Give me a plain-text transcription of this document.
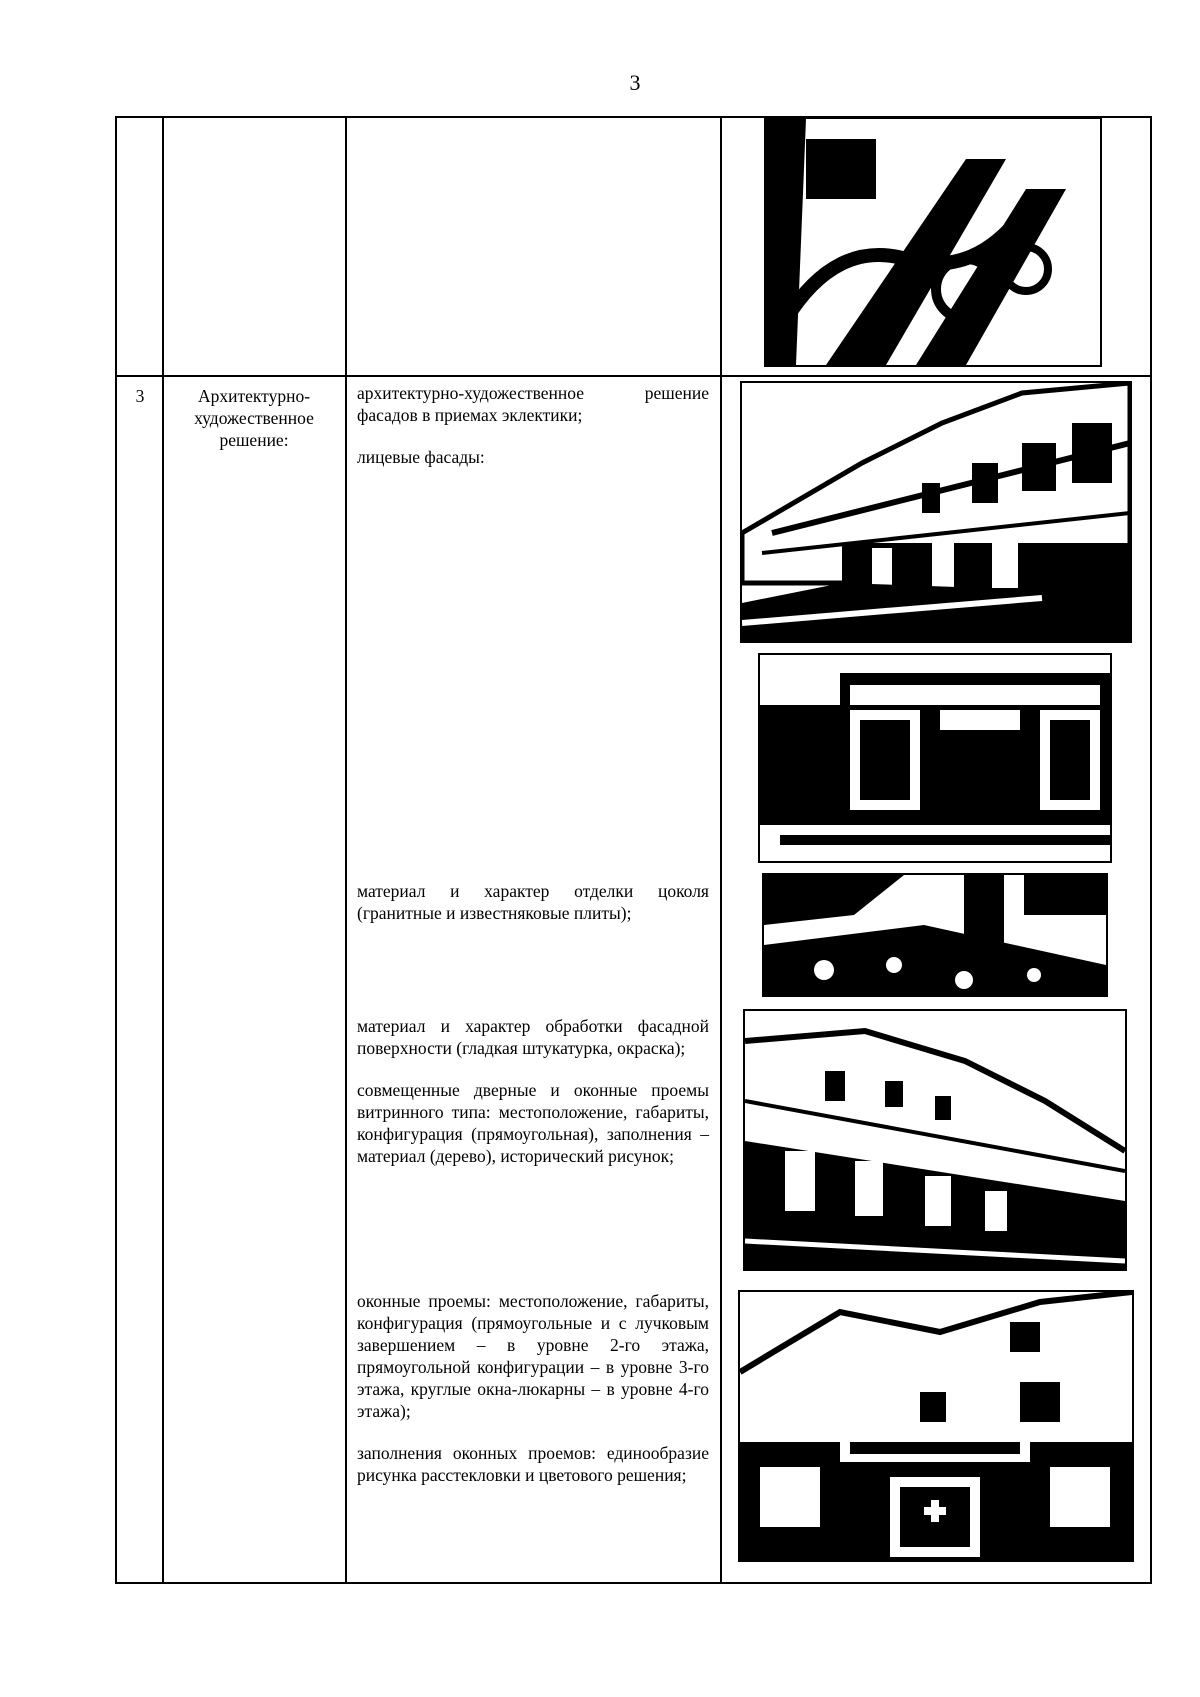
3
3	Архитектурно-
художественное
решение:

архитектурно-художественное решение фасадов в приемах эклектики;

лицевые фасады:

материал и характер отделки цоколя (гранитные и известняковые плиты);

материал и характер обработки фасадной поверхности (гладкая штукатурка, окраска);

совмещенные дверные и оконные проемы витринного типа: местоположение, габариты, конфигурация (прямоугольная), заполнения – материал (дерево), исторический рисунок;

оконные проемы: местоположение, габариты, конфигурация (прямоугольные и с лучковым завершением – в уровне 2-го этажа, прямоугольной конфигурации – в уровне 3-го этажа, круглые окна-люкарны – в уровне 4-го этажа);

заполнения оконных проемов: единообразие рисунка расстекловки и цветового решения;
